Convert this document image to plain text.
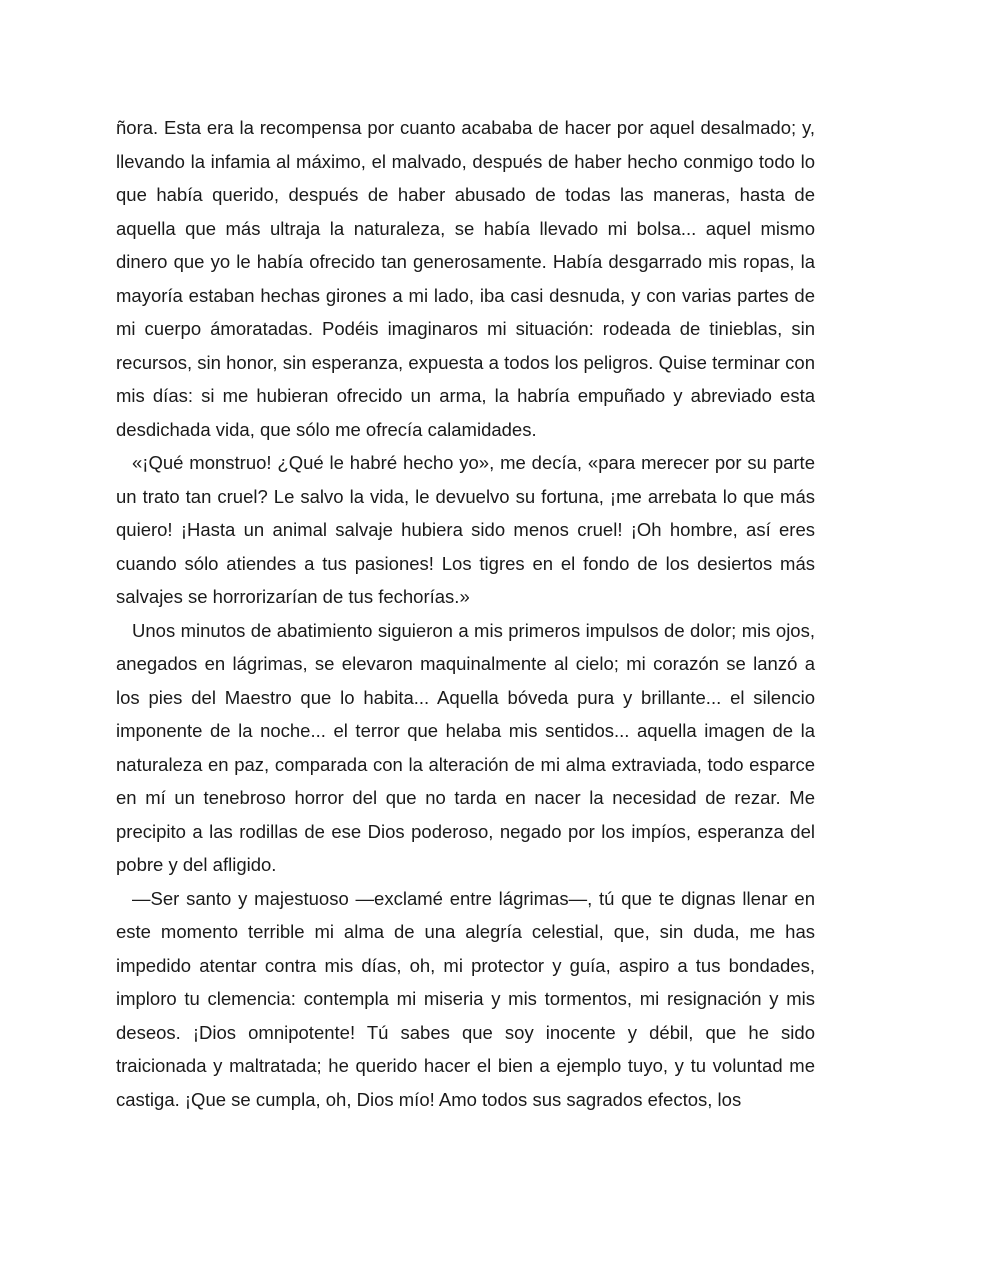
ñora. Esta era la recompensa por cuanto acababa de hacer por aquel desalmado; y, llevando la infamia al máximo, el malvado, después de haber hecho conmigo todo lo que había querido, después de haber abusado de todas las maneras, hasta de aquella que más ultraja la naturaleza, se había llevado mi bolsa... aquel mismo dinero que yo le había ofrecido tan generosamente. Había desgarrado mis ropas, la mayoría estaban hechas girones a mi lado, iba casi desnuda, y con varias partes de mi cuerpo ámoratadas. Podéis imaginaros mi situación: rodeada de tinieblas, sin recursos, sin honor, sin esperanza, expuesta a todos los peligros. Quise terminar con mis días: si me hubieran ofrecido un arma, la habría empuñado y abreviado esta desdichada vida, que sólo me ofrecía calamidades.

«¡Qué monstruo! ¿Qué le habré hecho yo», me decía, «para merecer por su parte un trato tan cruel? Le salvo la vida, le devuelvo su fortuna, ¡me arrebata lo que más quiero! ¡Hasta un animal salvaje hubiera sido menos cruel! ¡Oh hombre, así eres cuando sólo atiendes a tus pasiones! Los tigres en el fondo de los desiertos más salvajes se horrorizarían de tus fechorías.»

Unos minutos de abatimiento siguieron a mis primeros impulsos de dolor; mis ojos, anegados en lágrimas, se elevaron maquinalmente al cielo; mi corazón se lanzó a los pies del Maestro que lo habita... Aquella bóveda pura y brillante... el silencio imponente de la noche... el terror que helaba mis sentidos... aquella imagen de la naturaleza en paz, comparada con la alteración de mi alma extraviada, todo esparce en mí un tenebroso horror del que no tarda en nacer la necesidad de rezar. Me precipito a las rodillas de ese Dios poderoso, negado por los impíos, esperanza del pobre y del afligido.

—Ser santo y majestuoso —exclamé entre lágrimas—, tú que te dignas llenar en este momento terrible mi alma de una alegría celestial, que, sin duda, me has impedido atentar contra mis días, oh, mi protector y guía, aspiro a tus bondades, imploro tu clemencia: contempla mi miseria y mis tormentos, mi resignación y mis deseos. ¡Dios omnipotente! Tú sabes que soy inocente y débil, que he sido traicionada y maltratada; he querido hacer el bien a ejemplo tuyo, y tu voluntad me castiga. ¡Que se cumpla, oh, Dios mío! Amo todos sus sagrados efectos, los
